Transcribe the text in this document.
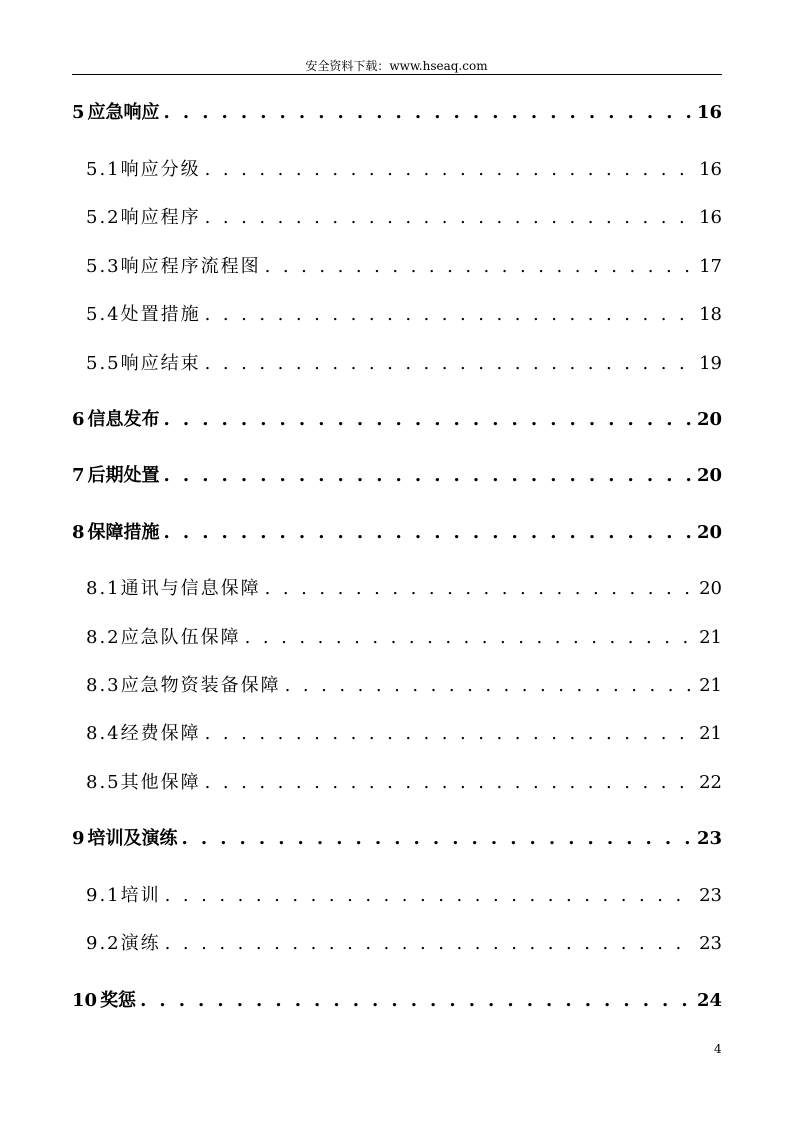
安全资料下载：www.hseaq.com
5 应急响应 . . .	16
5.1 响应分级 . . .	16
5.2 响应程序 . . .	16
5.3 响应程序流程图 . . .	17
5.4 处置措施 . . .	18
5.5 响应结束 . . .	19
6 信息发布 . . .	20
7 后期处置 . . .	20
8 保障措施 . . .	20
8.1 通讯与信息保障 . . .	20
8.2 应急队伍保障 . . .	21
8.3 应急物资装备保障 . . .	21
8.4 经费保障 . . .	21
8.5 其他保障 . . .	22
9 培训及演练 . . .	23
9.1 培训 . . .	23
9.2 演练 . . .	23
10 奖惩 . . .	24
4
